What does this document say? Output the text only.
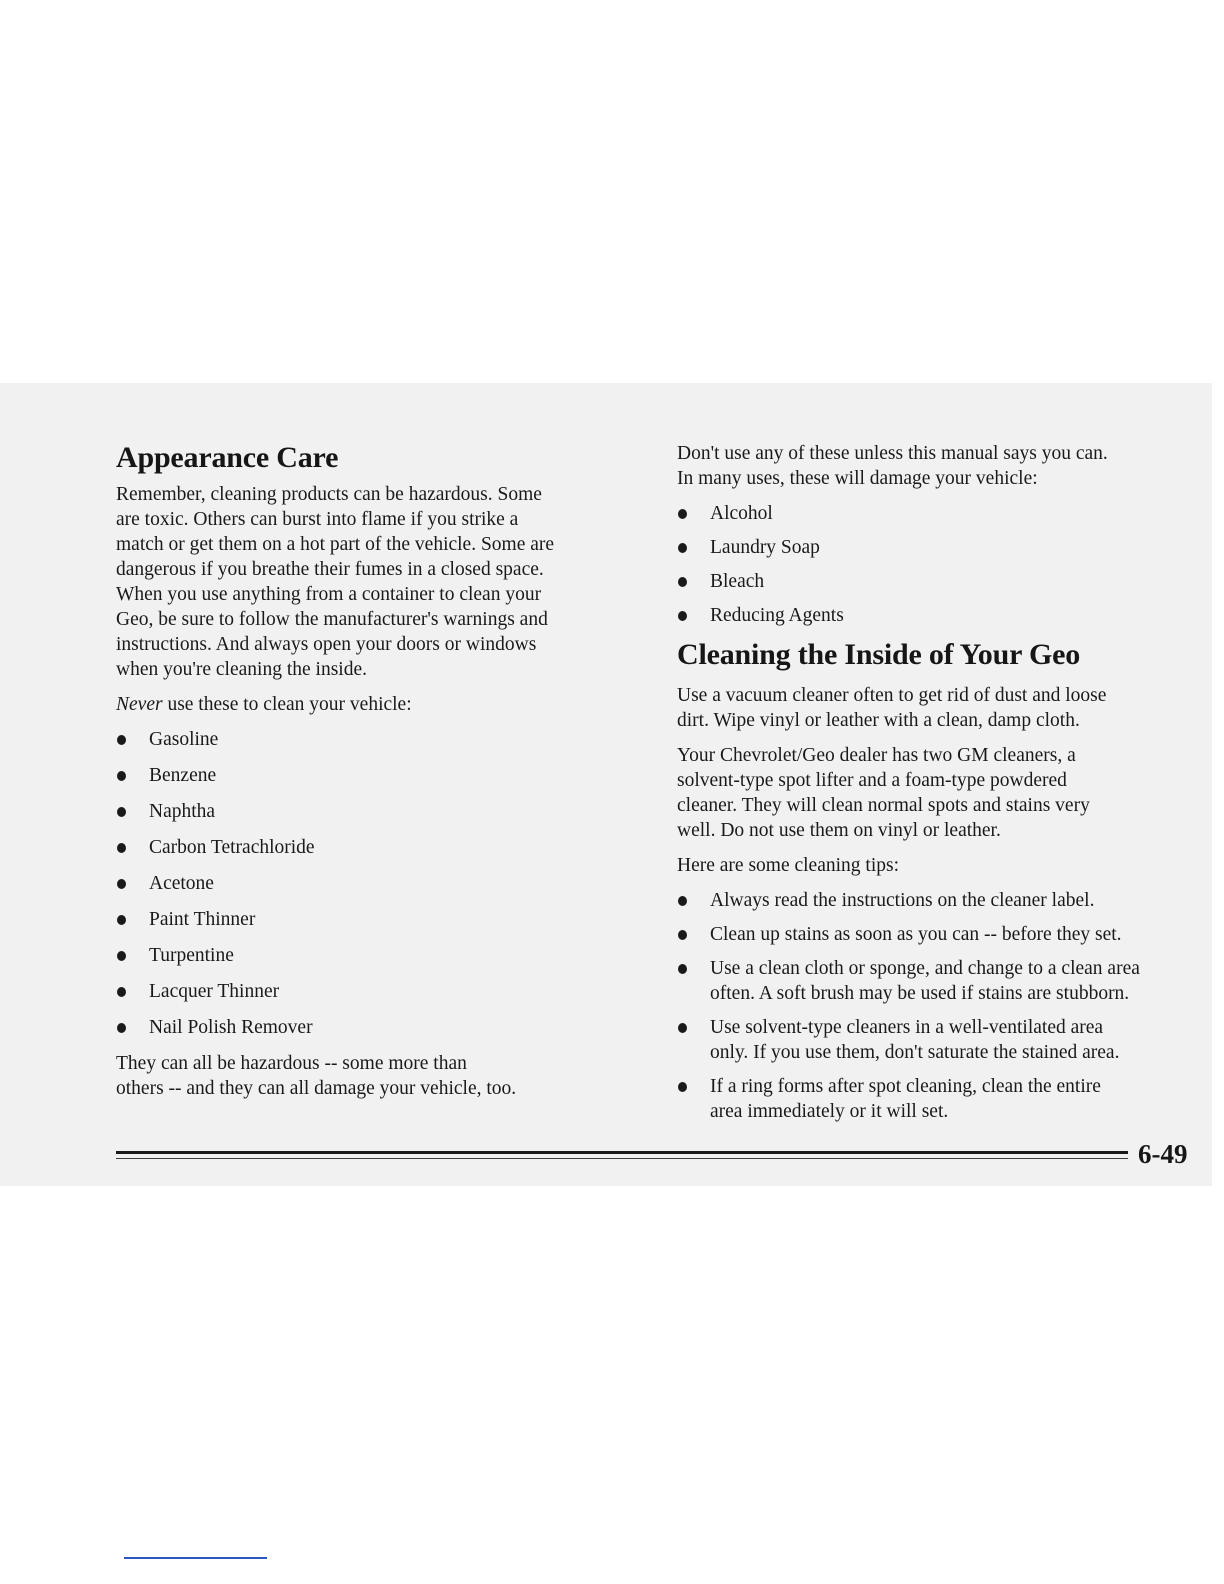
Appearance Care

Remember, cleaning products can be hazardous. Some
are toxic. Others can burst into flame if you strike a
match or get them on a hot part of the vehicle. Some are
dangerous if you breathe their fumes in a closed space.
When you use anything from a container to clean your
Geo, be sure to follow the manufacturer's warnings and
instructions. And always open your doors or windows
when you're cleaning the inside.

Never use these to clean your vehicle:

Gasoline
Benzene
Naphtha
Carbon Tetrachloride
Acetone
Paint Thinner
Turpentine
Lacquer Thinner
Nail Polish Remover

They can all be hazardous -- some more than
others -- and they can all damage your vehicle, too.

Don't use any of these unless this manual says you can.
In many uses, these will damage your vehicle:

Alcohol
Laundry Soap
Bleach
Reducing Agents
Cleaning the Inside of Your Geo

Use a vacuum cleaner often to get rid of dust and loose
dirt. Wipe vinyl or leather with a clean, damp cloth.

Your Chevrolet/Geo dealer has two GM cleaners, a
solvent-type spot lifter and a foam-type powdered
cleaner. They will clean normal spots and stains very
well. Do not use them on vinyl or leather.

Here are some cleaning tips:

Always read the instructions on the cleaner label.
Clean up stains as soon as you can -- before they set.
Use a clean cloth or sponge, and change to a clean area
often. A soft brush may be used if stains are stubborn.
Use solvent-type cleaners in a well-ventilated area
only. If you use them, don't saturate the stained area.
If a ring forms after spot cleaning, clean the entire
area immediately or it will set.
6-49
